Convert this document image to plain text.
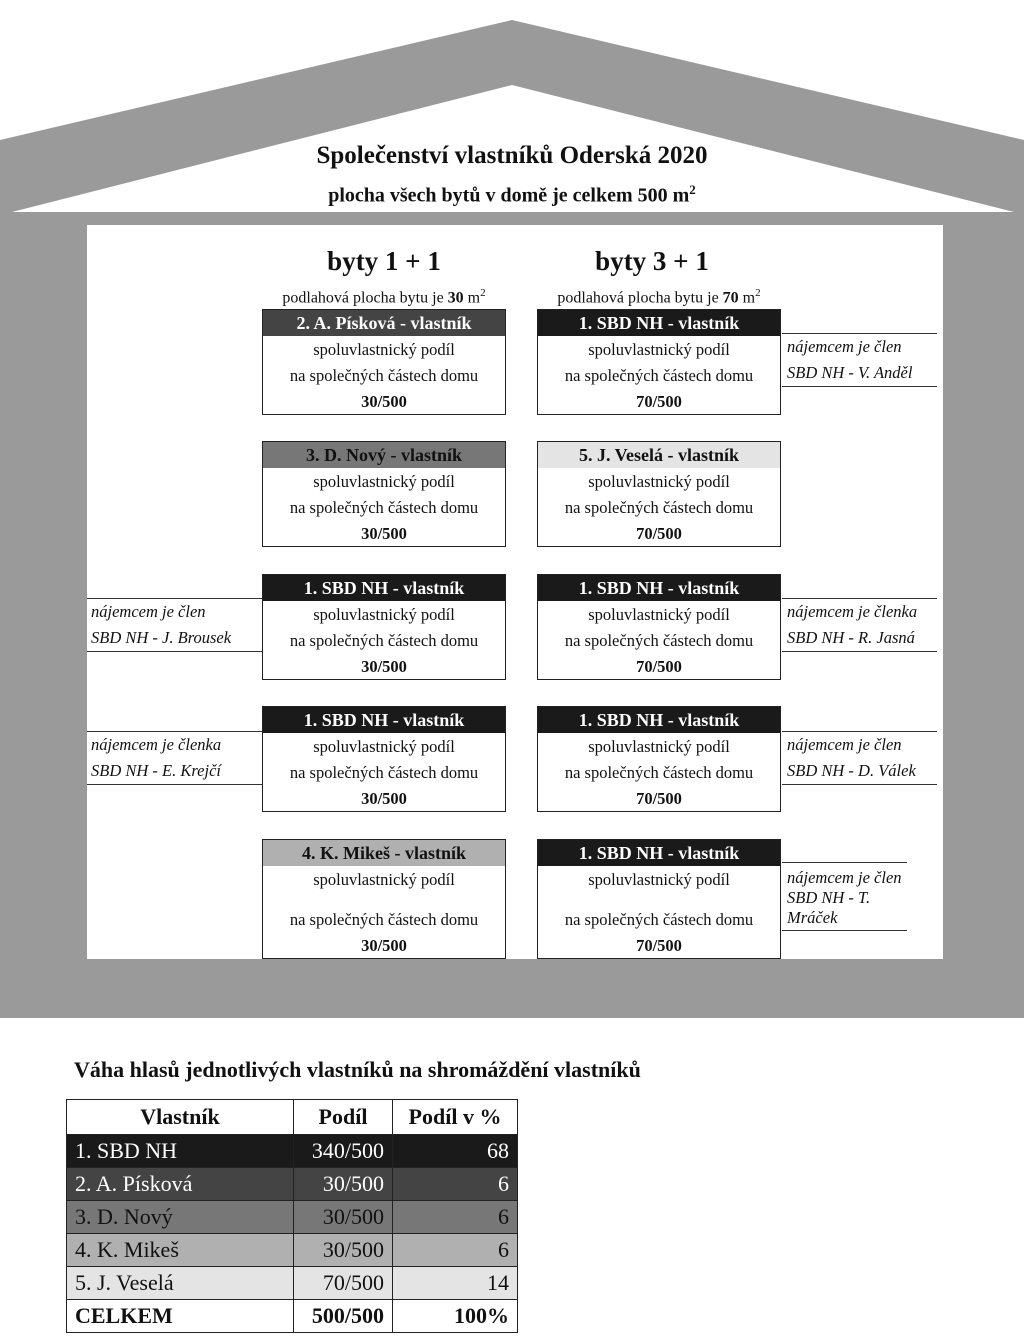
Společenství vlastníků Oderská 2020
plocha všech bytů v domě je celkem 500 $m^2$
byty 1 + 1	byty 3 + 1
podlahová plocha bytu je 30 $m^2$	podlahová plocha bytu je 70 $m^2$
2. A. Písková - vlastník
spoluvlastnický podíl
na společných částech domu
30/500
1. SBD NH - vlastník
spoluvlastnický podíl
na společných částech domu
70/500
3. D. Nový - vlastník
spoluvlastnický podíl
na společných částech domu
30/500
5. J. Veselá - vlastník
spoluvlastnický podíl
na společných částech domu
70/500
1. SBD NH - vlastník
spoluvlastnický podíl
na společných částech domu
30/500
1. SBD NH - vlastník
spoluvlastnický podíl
na společných částech domu
70/500
1. SBD NH - vlastník
spoluvlastnický podíl
na společných částech domu
30/500
1. SBD NH - vlastník
spoluvlastnický podíl
na společných částech domu
70/500
4. K. Mikeš - vlastník
spoluvlastnický podíl
na společných částech domu
30/500
1. SBD NH - vlastník
spoluvlastnický podíl
na společných částech domu
70/500
nájemcem je člen
SBD NH - V. Anděl
nájemcem je člen
SBD NH - J. Brousek
nájemcem je členka
SBD NH - R. Jasná
nájemcem je členka
SBD NH - E. Krejčí
nájemcem je člen
SBD NH - D. Válek
nájemcem je člen
SBD NH - T. Mráček
Váha hlasů jednotlivých vlastníků na shromáždění vlastníků
Vlastník	Podíl	Podíl v %
1. SBD NH	340/500	68
2. A. Písková	30/500	6
3. D. Nový	30/500	6
4. K. Mikeš	30/500	6
5. J. Veselá	70/500	14
CELKEM	500/500	100%
